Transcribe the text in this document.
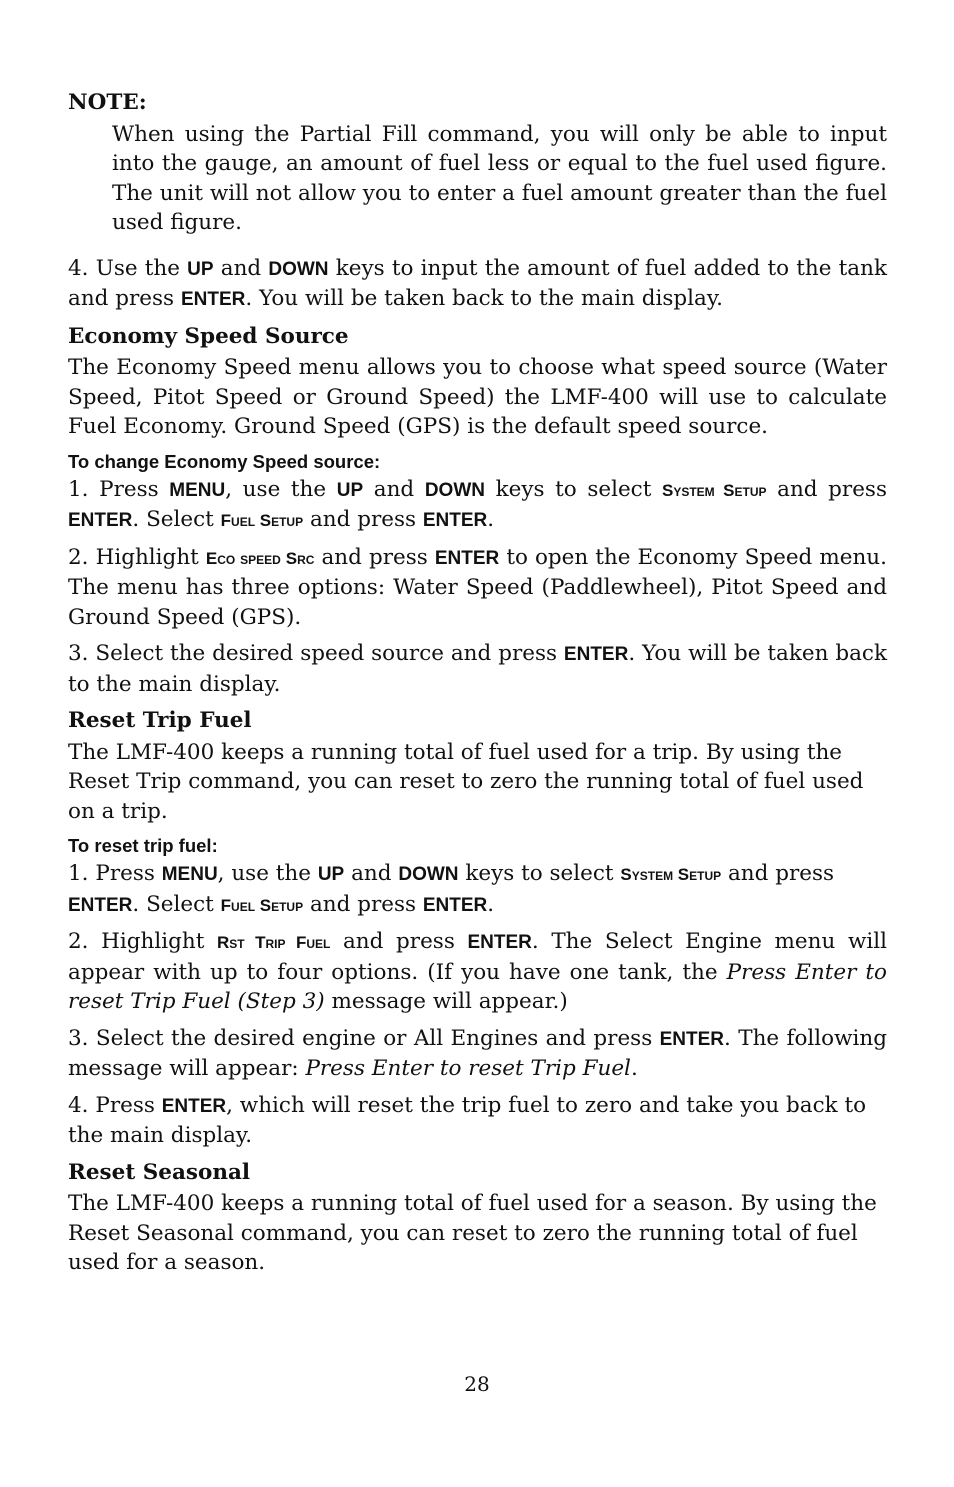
NOTE:

When using the Partial Fill command, you will only be able to input into the gauge, an amount of fuel less or equal to the fuel used figure. The unit will not allow you to enter a fuel amount greater than the fuel used figure.

4. Use the UP and DOWN keys to input the amount of fuel added to the tank and press ENTER. You will be taken back to the main display.

Economy Speed Source

The Economy Speed menu allows you to choose what speed source (Water Speed, Pitot Speed or Ground Speed) the LMF-400 will use to calculate Fuel Economy. Ground Speed (GPS) is the default speed source.

To change Economy Speed source:

1. Press MENU, use the UP and DOWN keys to select System Setup and press ENTER. Select Fuel Setup and press ENTER.

2. Highlight Eco speed Src and press ENTER to open the Economy Speed menu. The menu has three options: Water Speed (Paddlewheel), Pitot Speed and Ground Speed (GPS).

3. Select the desired speed source and press ENTER. You will be taken back to the main display.

Reset Trip Fuel

The LMF-400 keeps a running total of fuel used for a trip. By using the Reset Trip command, you can reset to zero the running total of fuel used on a trip.

To reset trip fuel:

1. Press MENU, use the UP and DOWN keys to select System Setup and press ENTER. Select Fuel Setup and press ENTER.

2. Highlight Rst Trip Fuel and press ENTER. The Select Engine menu will appear with up to four options. (If you have one tank, the Press Enter to reset Trip Fuel (Step 3) message will appear.)

3. Select the desired engine or All Engines and press ENTER. The following message will appear: Press Enter to reset Trip Fuel.

4. Press ENTER, which will reset the trip fuel to zero and take you back to the main display.

Reset Seasonal

The LMF-400 keeps a running total of fuel used for a season. By using the Reset Seasonal command, you can reset to zero the running total of fuel used for a season.

28
